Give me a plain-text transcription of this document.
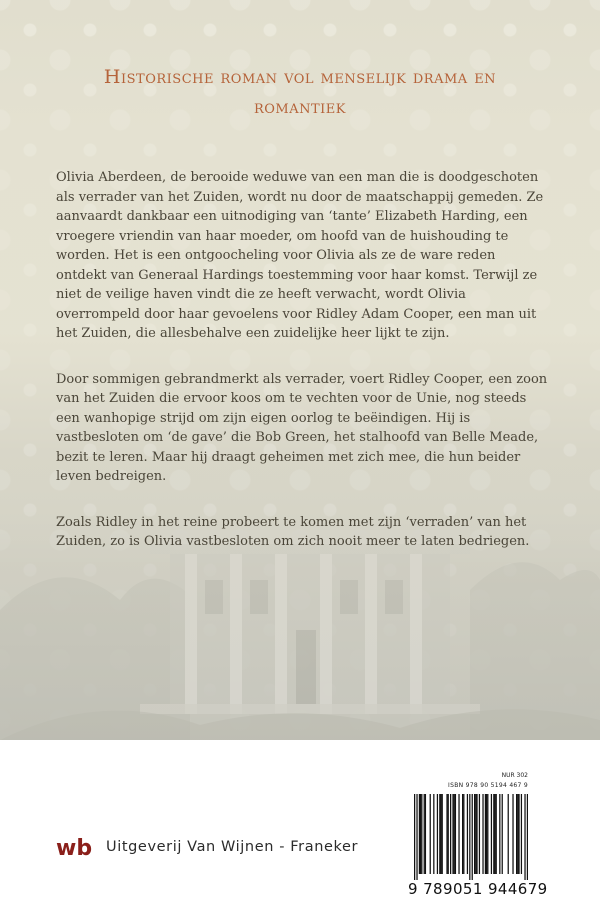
Historische roman vol menselijk drama en romantiek

Olivia Aberdeen, de berooide weduwe van een man die is doodgeschoten als verrader van het Zuiden, wordt nu door de maatschappij gemeden. Ze aanvaardt dankbaar een uitnodiging van ‘tante’ Elizabeth Harding, een vroegere vriendin van haar moeder, om hoofd van de huishouding te worden. Het is een ontgoocheling voor Olivia als ze de ware reden ontdekt van Generaal Hardings toestemming voor haar komst. Terwijl ze niet de veilige haven vindt die ze heeft verwacht, wordt Olivia overrompeld door haar gevoelens voor Ridley Adam Cooper, een man uit het Zuiden, die allesbehalve een zuidelijke heer lijkt te zijn.

Door sommigen gebrandmerkt als verrader, voert Ridley Cooper, een zoon van het Zuiden die ervoor koos om te vechten voor de Unie, nog steeds een wanhopige strijd om zijn eigen oorlog te beëindigen. Hij is vastbesloten om ‘de gave’ die Bob Green, het stalhoofd van Belle Meade, bezit te leren. Maar hij draagt geheimen met zich mee, die hun beider leven bedreigen.

Zoals Ridley in het reine probeert te komen met zijn ‘verraden’ van het Zuiden, zo is Olivia vastbesloten om zich nooit meer te laten bedriegen.

wb Uitgeverij Van Wijnen - Franeker
NUR 302
ISBN 978 90 5194 467 9
9 789051 944679
